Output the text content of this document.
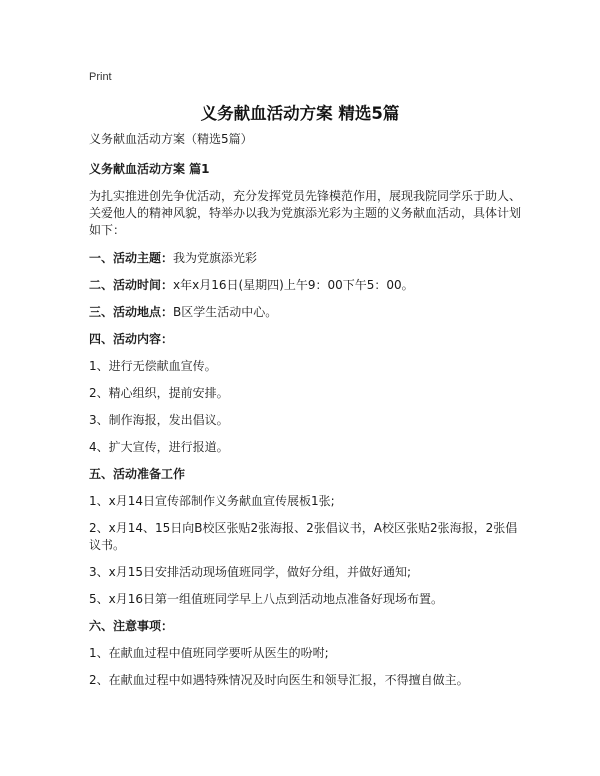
Print
义务献血活动方案 精选5篇

义务献血活动方案（精选5篇）

义务献血活动方案 篇1

为扎实推进创先争优活动，充分发挥党员先锋模范作用，展现我院同学乐于助人、关爱他人的精神风貌，特举办以我为党旗添光彩为主题的义务献血活动，具体计划如下：

一、活动主题：我为党旗添光彩

二、活动时间：x年x月16日(星期四)上午9：00下午5：00。

三、活动地点：B区学生活动中心。

四、活动内容：

1、进行无偿献血宣传。

2、精心组织，提前安排。

3、制作海报，发出倡议。

4、扩大宣传，进行报道。

五、活动准备工作

1、x月14日宣传部制作义务献血宣传展板1张;

2、x月14、15日向B校区张贴2张海报、2张倡议书，A校区张贴2张海报，2张倡议书。

3、x月15日安排活动现场值班同学，做好分组，并做好通知;

5、x月16日第一组值班同学早上八点到活动地点准备好现场布置。

六、注意事项：

1、在献血过程中值班同学要听从医生的吩咐;

2、在献血过程中如遇特殊情况及时向医生和领导汇报，不得擅自做主。
